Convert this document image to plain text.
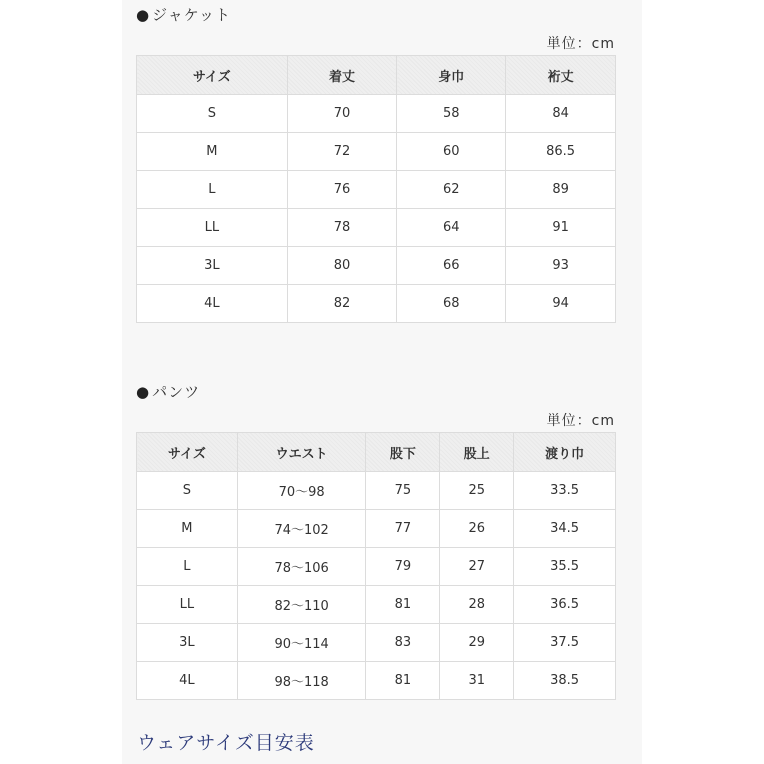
● ジャケット
単位：cm
サイズ	着丈	身巾	裄丈
S	70	58	84
M	72	60	86.5
L	76	62	89
LL	78	64	91
3L	80	66	93
4L	82	68	94
● パンツ
単位：cm
サイズ	ウエスト	股下	股上	渡り巾
S	70～98	75	25	33.5
M	74～102	77	26	34.5
L	78～106	79	27	35.5
LL	82～110	81	28	36.5
3L	90～114	83	29	37.5
4L	98～118	81	31	38.5
ウェアサイズ目安表
